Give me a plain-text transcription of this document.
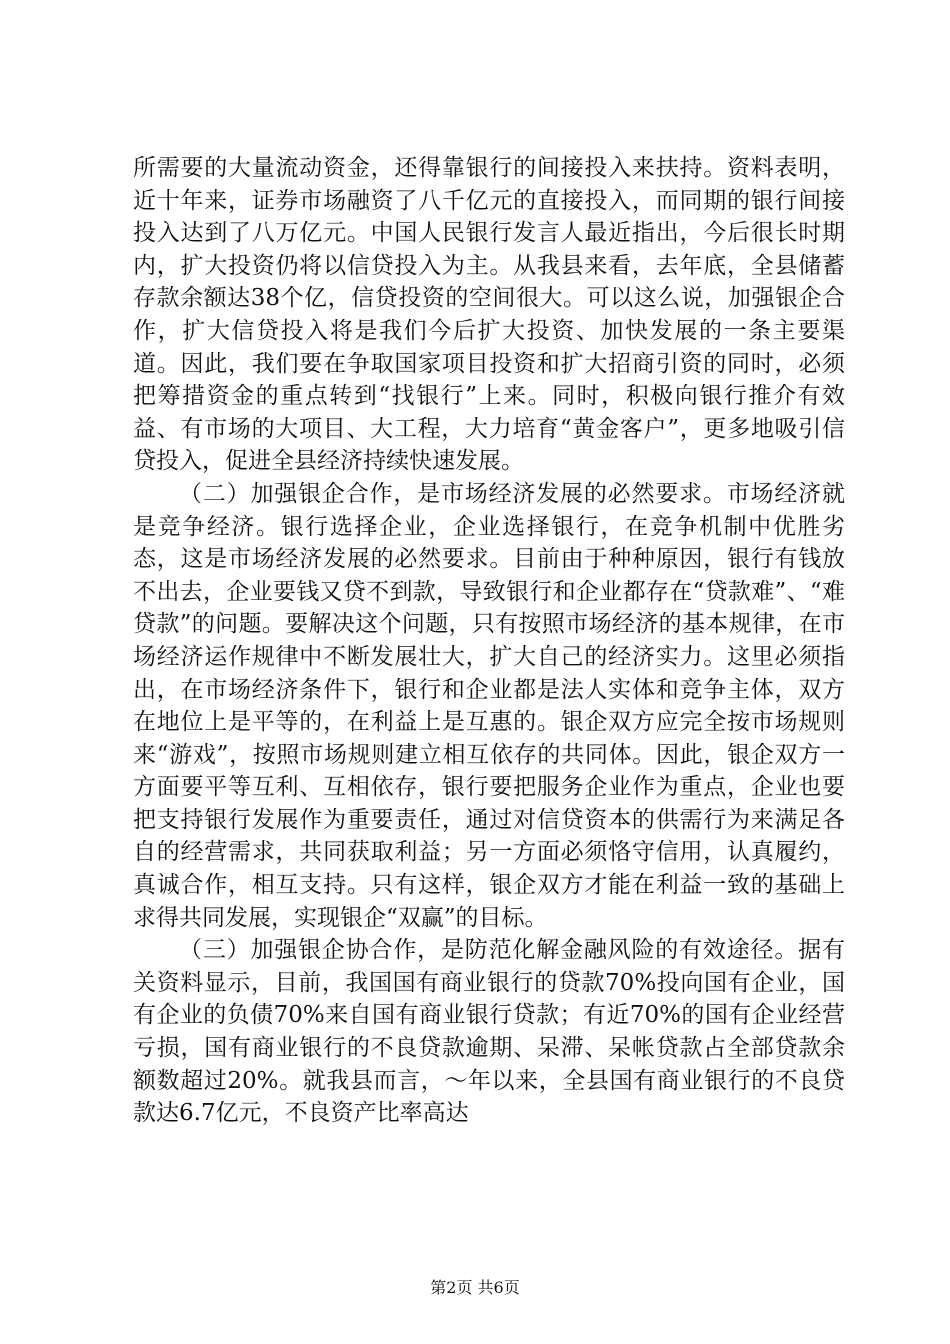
所需要的大量流动资金，还得靠银行的间接投入来扶持。资料表明，近十年来，证券市场融资了八千亿元的直接投入，而同期的银行间接投入达到了八万亿元。中国人民银行发言人最近指出，今后很长时期内，扩大投资仍将以信贷投入为主。从我县来看，去年底，全县储蓄存款余额达38个亿，信贷投资的空间很大。可以这么说，加强银企合作，扩大信贷投入将是我们今后扩大投资、加快发展的一条主要渠道。因此，我们要在争取国家项目投资和扩大招商引资的同时，必须把筹措资金的重点转到“找银行”上来。同时，积极向银行推介有效益、有市场的大项目、大工程，大力培育“黄金客户”，更多地吸引信贷投入，促进全县经济持续快速发展。

（二）加强银企合作，是市场经济发展的必然要求。市场经济就是竞争经济。银行选择企业，企业选择银行，在竞争机制中优胜劣态，这是市场经济发展的必然要求。目前由于种种原因，银行有钱放不出去，企业要钱又贷不到款，导致银行和企业都存在“贷款难”、“难贷款”的问题。要解决这个问题，只有按照市场经济的基本规律，在市场经济运作规律中不断发展壮大，扩大自己的经济实力。这里必须指出，在市场经济条件下，银行和企业都是法人实体和竞争主体，双方在地位上是平等的，在利益上是互惠的。银企双方应完全按市场规则来“游戏”，按照市场规则建立相互依存的共同体。因此，银企双方一方面要平等互利、互相依存，银行要把服务企业作为重点，企业也要把支持银行发展作为重要责任，通过对信贷资本的供需行为来满足各自的经营需求，共同获取利益；另一方面必须恪守信用，认真履约，真诚合作，相互支持。只有这样，银企双方才能在利益一致的基础上求得共同发展，实现银企“双赢”的目标。

（三）加强银企协合作，是防范化解金融风险的有效途径。据有关资料显示，目前，我国国有商业银行的贷款70%投向国有企业，国有企业的负债70%来自国有商业银行贷款；有近70%的国有企业经营亏损，国有商业银行的不良贷款逾期、呆滞、呆帐贷款占全部贷款余额数超过20%。就我县而言，～年以来，全县国有商业银行的不良贷款达6.7亿元，不良资产比率高达

第2页 共6页
